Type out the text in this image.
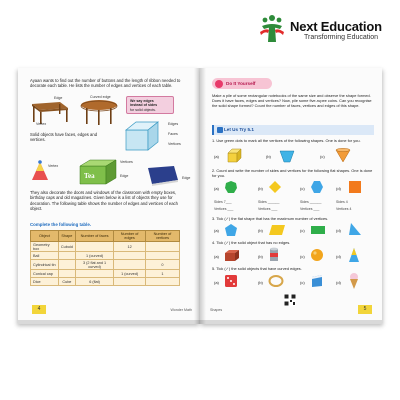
Next Education
Transforming Education
Ayaan wants to find out the number of buttons and the length of ribbon needed to decorate each table. He lists the number of edges and vertices of each table.
Edge
Vertex
Curved edge
We say edges
instead of sides
for solid objects.
Solid objects have faces, edges and vertices.
Edges
Faces
Vertices
Vertex
Tea
Vertices
Edge	Edge
They also decorate the doors and windows of the classroom with empty boxes, birthday caps and old magazines. Given below is a list of objects they use for decoration. The following table shows the number of edges and vertices of each object.
Complete the following table.
Object	Shape	Number of faces	Number of edges	Number of vertices
Geometry box	Cuboid		12	
Ball		1 (curved)		
Cylindrical tin		3 (2 flat and 1 curved)		0
Conical cap			1 (curved)	1
Dice	Cube	6 (flat)		
4	Wonder Math
Do It Yourself
Make a pile of some rectangular notebooks of the same size and observe the shape formed. Does it have faces, edges and vertices? Now, pile some five-rupee coins. Can you recognise the solid shape formed? Count the number of faces, vertices and edges of this shape.
Let Us Try 5.1
1. Use green dots to mark all the vertices of the following shapes. One is done for you.
(a)	(b)	(c)
2. Count and write the number of sides and vertices for the following flat shapes. One is done for you.
(a)	(b)	(c)	(d)
Sides 7___	Sides ______	Sides ______	Sides 4
Vertices ___	Vertices ___	Vertices ___	Vertices 4
3. Tick (✓) the flat shape that has the maximum number of vertices.
(a)	(b)	(c)	(d)
4. Tick (✓) the solid object that has no edges.
(a)	(b)	(c)	(d)
5. Tick (✓) the solid objects that have curved edges.
(a)	(b)	(c)	(d)
Shapes	5
